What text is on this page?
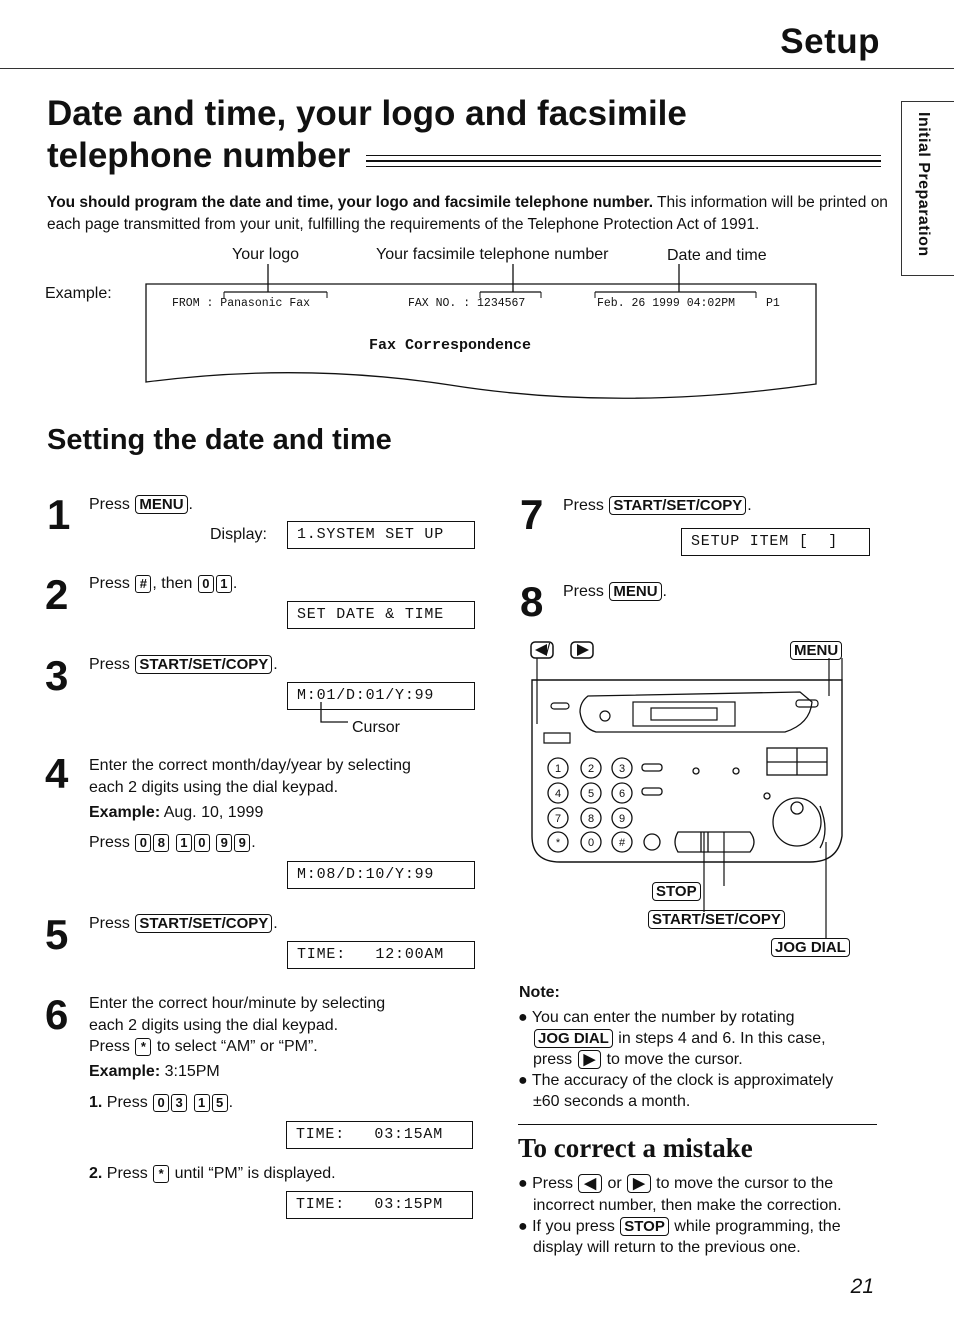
Setup
Initial Preparation
Date and time, your logo and facsimile
telephone number
You should program the date and time, your logo and facsimile telephone number. This information will be printed on each page transmitted from your unit, fulfilling the requirements of the Telephone Protection Act of 1991.
Example:
Your logo	Your facsimile telephone number	Date and time
FROM : Panasonic Fax	FAX NO. : 1234567	Feb. 26 1999 04:02PM	P1
Fax Correspondence
Setting the date and time
1 Press MENU .
Display:	1.SYSTEM SET UP
2 Press # , then 0 1 .
SET DATE & TIME
3 Press START/SET/COPY .
M:01/D:01/Y:99
Cursor
4 Enter the correct month/day/year by selecting
each 2 digits using the dial keypad.
Example: Aug. 10, 1999
Press 0 8 1 0 9 9 .
M:08/D:10/Y:99
5 Press START/SET/COPY .
TIME:   12:00AM
6 Enter the correct hour/minute by selecting
each 2 digits using the dial keypad.
Press * to select “AM” or “PM”.
Example: 3:15PM
1. Press 0 3 1 5 .
TIME:   03:15AM
2. Press * until “PM” is displayed.
TIME:   03:15PM
7 Press START/SET/COPY .
SETUP ITEM [  ]
8 Press MENU .
1 2 3
4 5 6
7 8 9
*	0 #
/	MENU
STOP
START/SET/COPY
JOG DIAL
Note:
● You can enter the number by rotating
JOG DIAL in steps 4 and 6. In this case,
press ▶ to move the cursor.
● The accuracy of the clock is approximately
±60 seconds a month.
To correct a mistake
● Press ◀ or ▶ to move the cursor to the
incorrect number, then make the correction.
● If you press STOP while programming, the
display will return to the previous one.
21
